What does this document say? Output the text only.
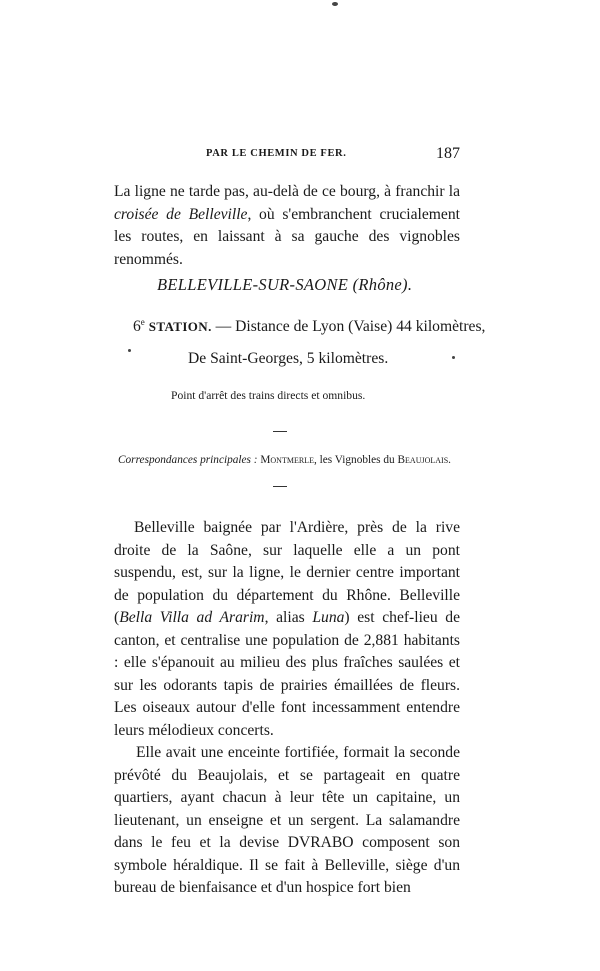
PAR LE CHEMIN DE FER.	187
La ligne ne tarde pas, au-delà de ce bourg, à franchir la croisée de Belleville, où s'embranchent crucialement les routes, en laissant à sa gauche des vignobles renommés.
BELLEVILLE-SUR-SAONE (Rhône).
6e STATION. — Distance de Lyon (Vaise) 44 kilomètres,
De Saint-Georges, 5 kilomètres.
Point d'arrêt des trains directs et omnibus.
Correspondances principales : Montmerle, les Vignobles du Beaujolais.

Belleville baignée par l'Ardière, près de la rive droite de la Saône, sur laquelle elle a un pont suspendu, est, sur la ligne, le dernier centre important de population du département du Rhône. Belleville (Bella Villa ad Ararim, alias Luna) est chef-lieu de canton, et centralise une population de 2,881 habitants : elle s'épanouit au milieu des plus fraîches saulées et sur les odorants tapis de prairies émaillées de fleurs. Les oiseaux autour d'elle font incessamment entendre leurs mélodieux concerts.

Elle avait une enceinte fortifiée, formait la seconde prévôté du Beaujolais, et se partageait en quatre quartiers, ayant chacun à leur tête un capitaine, un lieutenant, un enseigne et un sergent. La salamandre dans le feu et la devise DVRABO composent son symbole héraldique. Il se fait à Belleville, siège d'un bureau de bienfaisance et d'un hospice fort bien
